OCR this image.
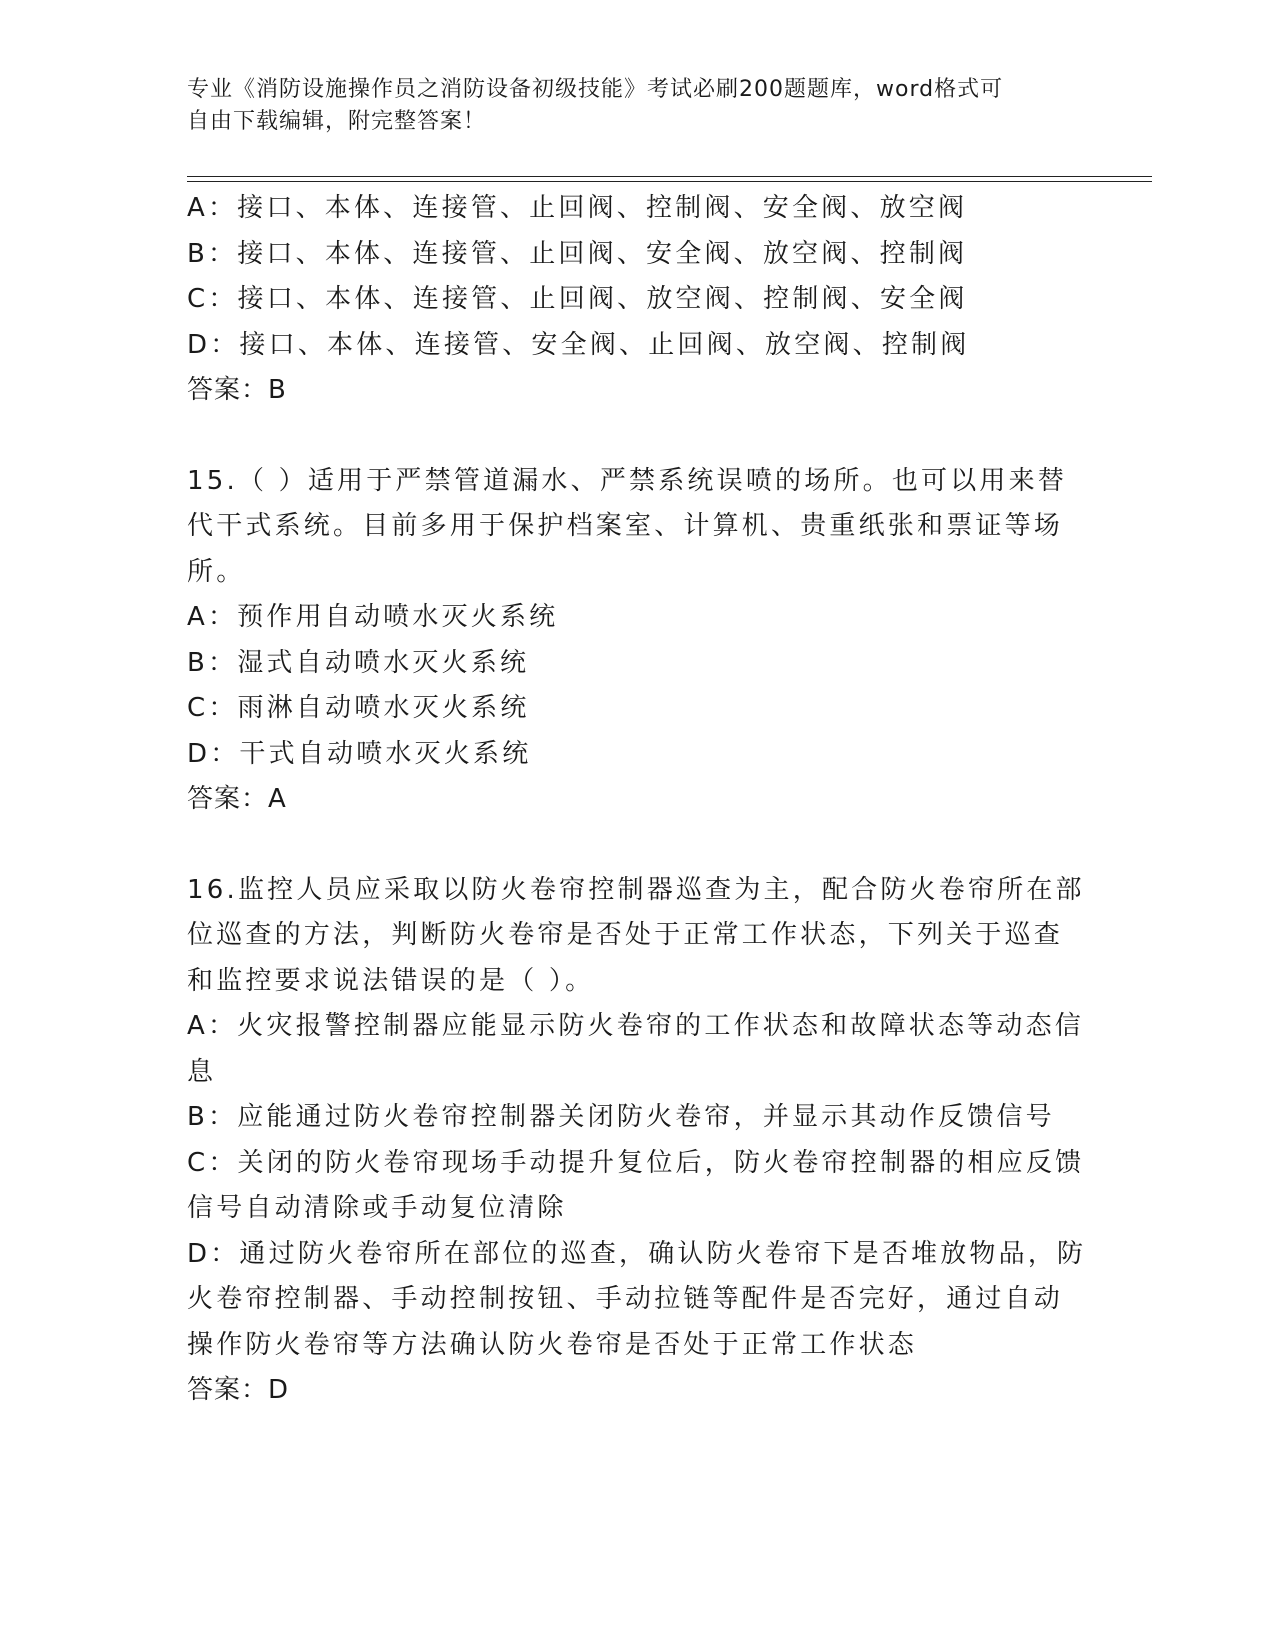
专业《消防设施操作员之消防设备初级技能》考试必刷200题题库，word格式可
自由下载编辑，附完整答案！
A：接口、本体、连接管、止回阀、控制阀、安全阀、放空阀
B：接口、本体、连接管、止回阀、安全阀、放空阀、控制阀
C：接口、本体、连接管、止回阀、放空阀、控制阀、安全阀
D：接口、本体、连接管、安全阀、止回阀、放空阀、控制阀
答案：B
15.（ ）适用于严禁管道漏水、严禁系统误喷的场所。也可以用来替
代干式系统。目前多用于保护档案室、计算机、贵重纸张和票证等场
所。
A：预作用自动喷水灭火系统
B：湿式自动喷水灭火系统
C：雨淋自动喷水灭火系统
D：干式自动喷水灭火系统
答案：A
16.监控人员应采取以防火卷帘控制器巡查为主，配合防火卷帘所在部
位巡查的方法，判断防火卷帘是否处于正常工作状态，下列关于巡查
和监控要求说法错误的是（ ）。
A：火灾报警控制器应能显示防火卷帘的工作状态和故障状态等动态信
息
B：应能通过防火卷帘控制器关闭防火卷帘，并显示其动作反馈信号
C：关闭的防火卷帘现场手动提升复位后，防火卷帘控制器的相应反馈
信号自动清除或手动复位清除
D：通过防火卷帘所在部位的巡查，确认防火卷帘下是否堆放物品，防
火卷帘控制器、手动控制按钮、手动拉链等配件是否完好，通过自动
操作防火卷帘等方法确认防火卷帘是否处于正常工作状态
答案：D
